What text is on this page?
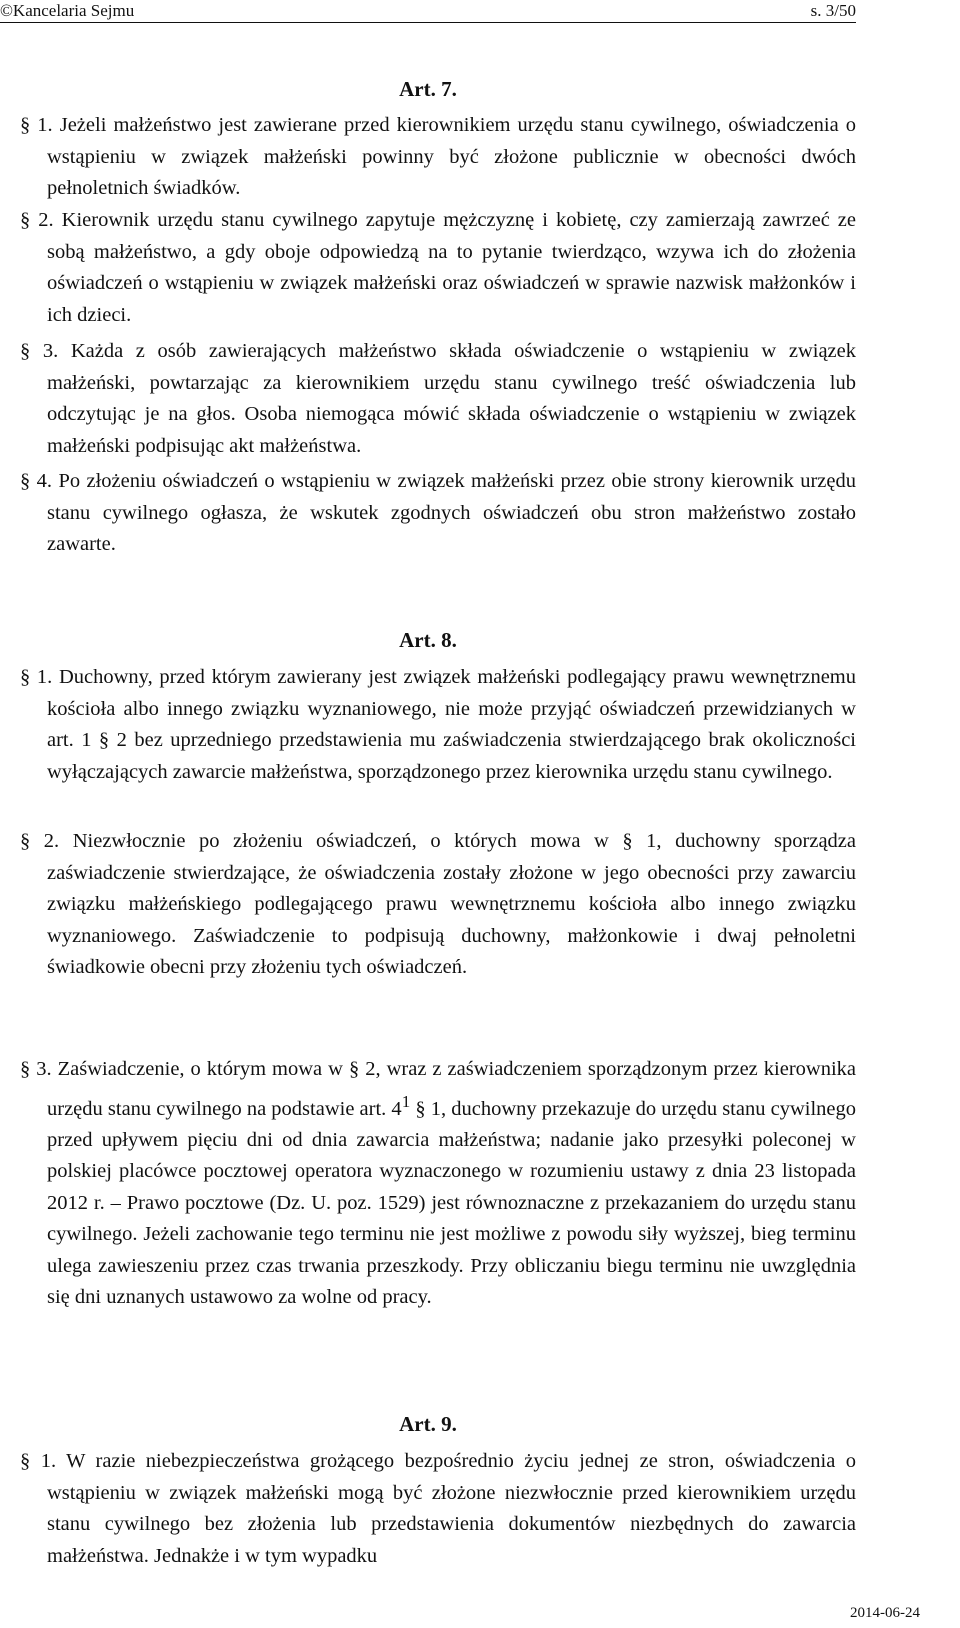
©Kancelaria Sejmu	s. 3/50
Art. 7.
§ 1. Jeżeli małżeństwo jest zawierane przed kierownikiem urzędu stanu cywilnego, oświadczenia o wstąpieniu w związek małżeński powinny być złożone publicznie w obecności dwóch pełnoletnich świadków.
§ 2. Kierownik urzędu stanu cywilnego zapytuje mężczyznę i kobietę, czy zamierzają zawrzeć ze sobą małżeństwo, a gdy oboje odpowiedzą na to pytanie twierdząco, wzywa ich do złożenia oświadczeń o wstąpieniu w związek małżeński oraz oświadczeń w sprawie nazwisk małżonków i ich dzieci.
§ 3. Każda z osób zawierających małżeństwo składa oświadczenie o wstąpieniu w związek małżeński, powtarzając za kierownikiem urzędu stanu cywilnego treść oświadczenia lub odczytując je na głos. Osoba niemogąca mówić składa oświadczenie o wstąpieniu w związek małżeński podpisując akt małżeństwa.
§ 4. Po złożeniu oświadczeń o wstąpieniu w związek małżeński przez obie strony kierownik urzędu stanu cywilnego ogłasza, że wskutek zgodnych oświadczeń obu stron małżeństwo zostało zawarte.
Art. 8.
§ 1. Duchowny, przed którym zawierany jest związek małżeński podlegający prawu wewnętrznemu kościoła albo innego związku wyznaniowego, nie może przyjąć oświadczeń przewidzianych w art. 1 § 2 bez uprzedniego przedstawienia mu zaświadczenia stwierdzającego brak okoliczności wyłączających zawarcie małżeństwa, sporządzonego przez kierownika urzędu stanu cywilnego.
§ 2. Niezwłocznie po złożeniu oświadczeń, o których mowa w § 1, duchowny sporządza zaświadczenie stwierdzające, że oświadczenia zostały złożone w jego obecności przy zawarciu związku małżeńskiego podlegającego prawu wewnętrznemu kościoła albo innego związku wyznaniowego. Zaświadczenie to podpisują duchowny, małżonkowie i dwaj pełnoletni świadkowie obecni przy złożeniu tych oświadczeń.
§ 3. Zaświadczenie, o którym mowa w § 2, wraz z zaświadczeniem sporządzonym przez kierownika urzędu stanu cywilnego na podstawie art. $4^1$ § 1, duchowny przekazuje do urzędu stanu cywilnego przed upływem pięciu dni od dnia zawarcia małżeństwa; nadanie jako przesyłki poleconej w polskiej placówce pocztowej operatora wyznaczonego w rozumieniu ustawy z dnia 23 listopada 2012 r. – Prawo pocztowe (Dz. U. poz. 1529) jest równoznaczne z przekazaniem do urzędu stanu cywilnego. Jeżeli zachowanie tego terminu nie jest możliwe z powodu siły wyższej, bieg terminu ulega zawieszeniu przez czas trwania przeszkody. Przy obliczaniu biegu terminu nie uwzględnia się dni uznanych ustawowo za wolne od pracy.
Art. 9.
§ 1. W razie niebezpieczeństwa grożącego bezpośrednio życiu jednej ze stron, oświadczenia o wstąpieniu w związek małżeński mogą być złożone niezwłocznie przed kierownikiem urzędu stanu cywilnego bez złożenia lub przedstawienia dokumentów niezbędnych do zawarcia małżeństwa. Jednakże i w tym wypadku
2014-06-24
